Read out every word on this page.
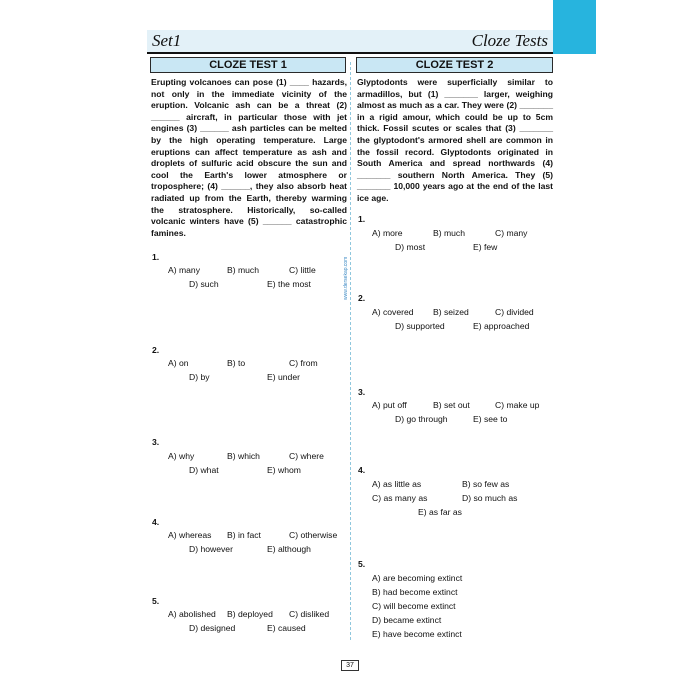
Set1	Cloze Tests
CLOZE TEST 1	CLOZE TEST 2
Erupting volcanoes can pose (1) ____ hazards, not only in the immediate vicinity of the eruption. Volcanic ash can be a threat (2) ______ aircraft, in particular those with jet engines (3) ______ ash particles can be melted by the high operating temperature. Large eruptions can affect temperature as ash and droplets of sulfuric acid obscure the sun and cool the Earth's lower atmosphere or troposphere; (4) ______, they also absorb heat radiated up from the Earth, thereby warming the stratosphere. Historically, so-called volcanic winters have (5) ______ catastrophic famines.
Glyptodonts were superficially similar to armadillos, but (1) _______ larger, weighing almost as much as a car. They were (2) _______ in a rigid amour, which could be up to 5cm thick. Fossil scutes or scales that (3) _______ the glyptodont's armored shell are common in the fossil record. Glyptodonts originated in South America and spread northwards (4) _______ southern North America. They (5) _______ 10,000 years ago at the end of the last ice age.
www.dersekap.com
1.
A) many	B) much	C) little
D) such	E) the most
2.
A) on	B) to	C) from
D) by	E) under
3.
A) why	B) which	C) where
D) what	E) whom
4.
A) whereas B) in fact	C) otherwise
D) however	E) although
5.
A) abolished B) deployed C) disliked
D) designed	E) caused
1.
A) more	B) much	C) many
D) most	E) few
2.
A) covered B) seized	C) divided
D) supported	E) approached
3.
A) put off	B) set out	C) make up
D) go through	E) see to
4.
A) as little as	B) so few as
C) as many as	D) so much as
E) as far as
5.
A) are becoming extinct
B) had become extinct
C) will become extinct
D) became extinct
E) have become extinct
37
